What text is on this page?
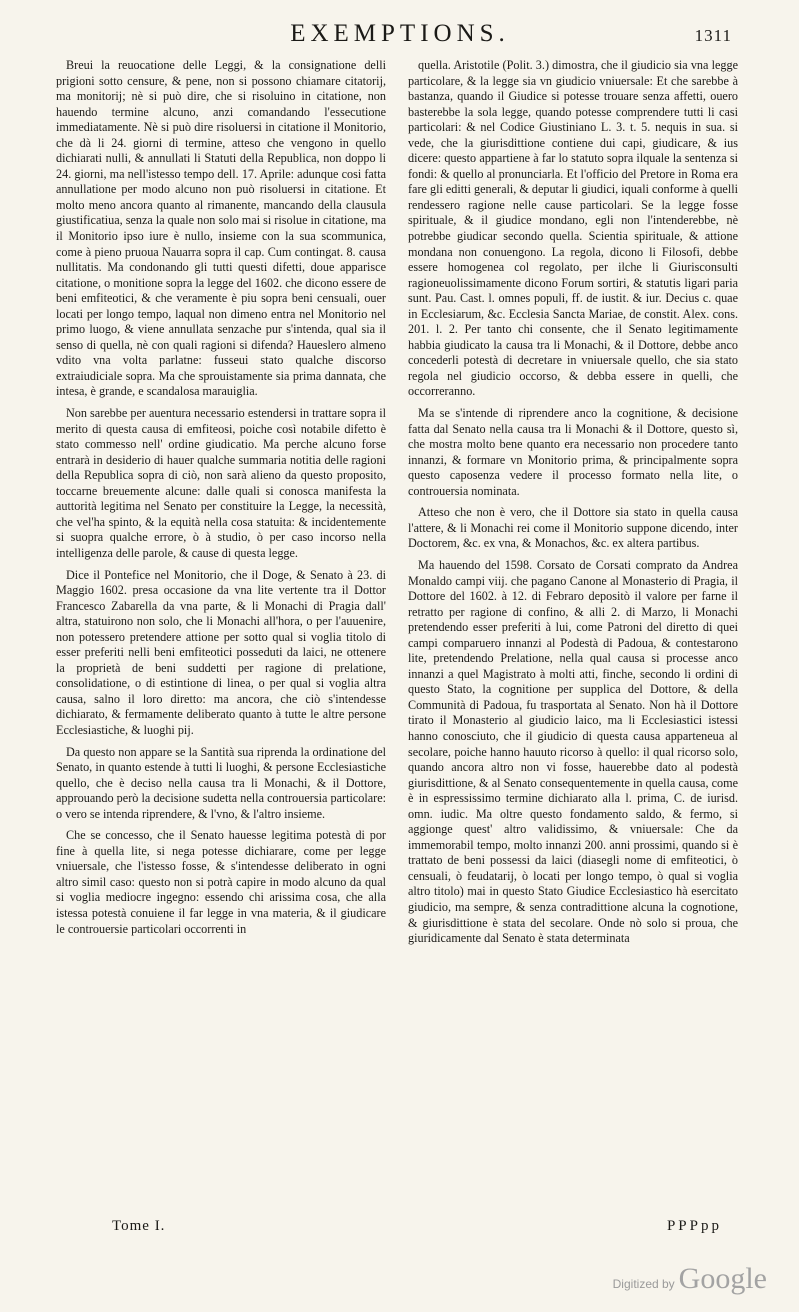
EXEMPTIONS.	1311

Breui la reuocatione delle Leggi, & la consignatione delli prigioni sotto censure, & pene, non si possono chiamare citatorij, ma monitorij; nè si può dire, che si risoluino in citatione, non hauendo termine alcuno, anzi comandando l'essecutione immediatamente. Nè si può dire risoluersi in citatione il Monitorio, che dà li 24. giorni di termine, atteso che vengono in quello dichiarati nulli, & annullati li Statuti della Republica, non doppo li 24. giorni, ma nell'istesso tempo dell. 17. Aprile: adunque cosi fatta annullatione per modo alcuno non può risoluersi in citatione. Et molto meno ancora quanto al rimanente, mancando della clausula giustificatiua, senza la quale non solo mai si risolue in citatione, ma il Monitorio ipso iure è nullo, insieme con la sua scommunica, come à pieno pruoua Nauarra sopra il cap. Cum contingat. 8. causa nullitatis. Ma condonando gli tutti questi difetti, doue apparisce citatione, o monitione sopra la legge del 1602. che dicono essere de beni emfiteotici, & che veramente è piu sopra beni censuali, ouer locati per longo tempo, laqual non dimeno entra nel Monitorio nel primo luogo, & viene annullata senzache pur s'intenda, qual sia il senso di quella, nè con quali ragioni si difenda? Haueslero almeno vdito vna volta parlatne: fusseui stato qualche discorso extraiudiciale sopra. Ma che sprouistamente sia prima dannata, che intesa, è grande, e scandalosa marauiglia.

Non sarebbe per auentura necessario estendersi in trattare sopra il merito di questa causa di emfiteosi, poiche così notabile difetto è stato commesso nell' ordine giudicatio. Ma perche alcuno forse entrarà in desiderio di hauer qualche summaria notitia delle ragioni della Republica sopra di ciò, non sarà alieno da questo proposito, toccarne breuemente alcune: dalle quali si conosca manifesta la auttorità legitima nel Senato per constituire la Legge, la necessità, che vel'ha spinto, & la equità nella cosa statuita: & incidentemente si suopra qualche errore, ò à studio, ò per caso incorso nella intelligenza delle parole, & cause di questa legge.

Dice il Pontefice nel Monitorio, che il Doge, & Senato à 23. di Maggio 1602. presa occasione da vna lite vertente tra il Dottor Francesco Zabarella da vna parte, & li Monachi di Pragia dall' altra, statuirono non solo, che li Monachi all'hora, o per l'auuenire, non potessero pretendere attione per sotto qual si voglia titolo di esser preferiti nelli beni emfiteotici posseduti da laici, ne ottenere la proprietà de beni suddetti per ragione di prelatione, consolidatione, o di estintione di linea, o per qual si voglia altra causa, salno il loro diretto: ma ancora, che ciò s'intendesse dichiarato, & fermamente deliberato quanto à tutte le altre persone Ecclesiastiche, & luoghi pij.

Da questo non appare se la Santità sua riprenda la ordinatione del Senato, in quanto estende à tutti li luoghi, & persone Ecclesiastiche quello, che è deciso nella causa tra li Monachi, & il Dottore, approuando però la decisione sudetta nella controuersia particolare: o vero se intenda riprendere, & l'vno, & l'altro insieme.

Che se concesso, che il Senato hauesse legitima potestà di por fine à quella lite, si nega potesse dichiarare, come per legge vniuersale, che l'istesso fosse, & s'intendesse deliberato in ogni altro simil caso: questo non si potrà capire in modo alcuno da qual si voglia mediocre ingegno: essendo chi arissima cosa, che alla istessa potestà conuiene il far legge in vna materia, & il giudicare le controuersie particolari occorrenti in

quella. Aristotile (Polit. 3.) dimostra, che il giudicio sia vna legge particolare, & la legge sia vn giudicio vniuersale: Et che sarebbe à bastanza, quando il Giudice si potesse trouare senza affetti, ouero basterebbe la sola legge, quando potesse comprendere tutti li casi particolari: & nel Codice Giustiniano L. 3. t. 5. nequis in sua. si vede, che la giurisdittione contiene dui capi, giudicare, & ius dicere: questo appartiene à far lo statuto sopra ilquale la sentenza si fondi: & quello al pronunciarla. Et l'officio del Pretore in Roma era fare gli editti generali, & deputar li giudici, iquali conforme à quelli rendessero ragione nelle cause particolari. Se la legge fosse spirituale, & il giudice mondano, egli non l'intenderebbe, nè potrebbe giudicar secondo quella. Scientia spirituale, & attione mondana non conuengono. La regola, dicono li Filosofi, debbe essere homogenea col regolato, per ilche li Giurisconsulti ragioneuolissimamente dicono Forum sortiri, & statutis ligari paria sunt. Pau. Cast. l. omnes populi, ff. de iustit. & iur. Decius c. quae in Ecclesiarum, &c. Ecclesia Sancta Mariae, de constit. Alex. cons. 201. l. 2. Per tanto chi consente, che il Senato legitimamente habbia giudicato la causa tra li Monachi, & il Dottore, debbe anco concederli potestà di decretare in vniuersale quello, che sia stato regola nel giudicio occorso, & debba essere in quelli, che occorreranno.

Ma se s'intende di riprendere anco la cognitione, & decisione fatta dal Senato nella causa tra li Monachi & il Dottore, questo sì, che mostra molto bene quanto era necessario non procedere tanto innanzi, & formare vn Monitorio prima, & principalmente sopra questo caposenza vedere il processo formato nella lite, o controuersia nominata.

Atteso che non è vero, che il Dottore sia stato in quella causa l'attere, & li Monachi rei come il Monitorio suppone dicendo, inter Doctorem, &c. ex vna, & Monachos, &c. ex altera partibus.

Ma hauendo del 1598. Corsato de Corsati comprato da Andrea Monaldo campi viij. che pagano Canone al Monasterio di Pragia, il Dottore del 1602. à 12. di Febraro depositò il valore per farne il retratto per ragione di confino, & alli 2. di Marzo, li Monachi pretendendo esser preferiti à lui, come Patroni del diretto di quei campi comparuero innanzi al Podestà di Padoua, & contestarono lite, pretendendo Prelatione, nella qual causa si processe anco innanzi a quel Magistrato à molti atti, finche, secondo li ordini di questo Stato, la cognitione per supplica del Dottore, & della Communità di Padoua, fu trasportata al Senato. Non hà il Dottore tirato il Monasterio al giudicio laico, ma li Ecclesiastici istessi hanno conosciuto, che il giudicio di questa causa apparteneua al secolare, poiche hanno hauuto ricorso à quello: il qual ricorso solo, quando ancora altro non vi fosse, hauerebbe dato al podestà giurisdittione, & al Senato consequentemente in quella causa, come è in espressissimo termine dichiarato alla l. prima, C. de iurisd. omn. iudic. Ma oltre questo fondamento saldo, & fermo, si aggionge quest' altro validissimo, & vniuersale: Che da immemorabil tempo, molto innanzi 200. anni prossimi, quando si è trattato de beni possessi da laici (diasegli nome di emfiteotici, ò censuali, ò feudatarij, ò locati per longo tempo, ò qual si voglia altro titolo) mai in questo Stato Giudice Ecclesiastico hà esercitato giudicio, ma sempre, & senza contradittione alcuna la cognotione, & giurisdittione è stata del secolare. Onde nò solo si proua, che giuridicamente dal Senato è stata determinata

Tome I.	PPPpp
Digitized by Google
